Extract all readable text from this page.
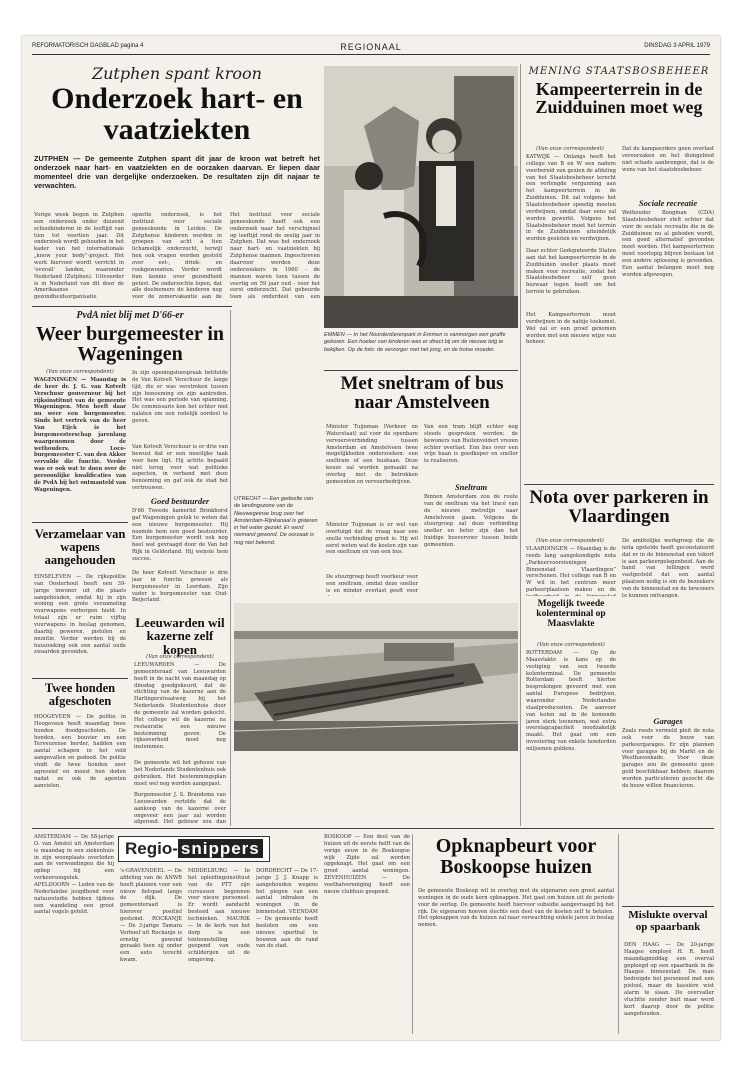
REFORMATORISCH DAGBLAD pagina 4	REGIONAAL	DINSDAG 3 APRIL 1979
Zutphen spant kroon
Onderzoek hart- en vaatziekten
ZUTPHEN — De gemeente Zutphen spant dit jaar de kroon wat betreft het onderzoek naar hart- en vaatziekten en de oorzaken daarvan. Er liepen daar momenteel drie van dergelijke onderzoeken. De resultaten zijn dit najaar te verwachten.
Vorige week begon in Zutphen een onderzoek onder duizend schoolkinderen in de leeftijd van tien tot veertien jaar. Dit onderzoek wordt gehouden in het kader van het internationale „know your body”-project. Het werk hiervoor wordt verricht in 'overall' landen, waaronder Nederland (Zutphen). Uitvoerder is in Nederland van dit door de Amerikaanse gezondheidsorganisatie
opzette onderzoek, is het instituut voor sociale geneeskunde in Leiden. De Zutphense kinderen worden in groepen van acht à tien lichamelijk onderzocht, terwijl hen ook vragen worden gesteld over eet-, drink- en rookgewoonten. Verder wordt hun kennis over gezondheid getest. De onderzochte lopen, dat alle deelnemers de kinderen nog voor de zomervakantie aan de
Het instituut voor sociale geneeskunde heeft ook een onderzoek naar het verschijnsel op leeftijd rond de zestig jaar in Zutphen. Dat was het onderzoek naar hart- en vaatziekten bij Zutphense mannen. Ingeschreven daarvoor werden deze onderzoekers in 1960 - de mannen waren toen tussen de veertig en 59 jaar oud - voor het eerst onderzocht. Dat gebeurde toen als onderdeel van een
PvdA niet blij met D'66-er
Weer burgemeester in Wageningen
(Van onze correspondent)
WAGENINGEN — Maandag is de heer dr. J. G. van Kotvelt Verschuur gouverneur bij het rijksinstituut van de gemeente Wageningen. Men heeft daar nu weer een burgemeester. Sinds het vertrek van de heer Van Eijck is het burgemeesterschap jarenlang waargenomen door de wethouders. Loco-burgemeester C. van den Akker vervulde die functie. Verder was er ook wat te doen over de persoonlijke kwalificaties van de PvdA bij het ontmanteld van Wageningen.
In zijn openingstoespraak betitelde de Van Kotvelt Verschuur de lange tijd, die er was verstreken tussen zijn benoeming en zijn aantreden. Het was een periode van spanning. De commissaris kon het echter niet nalaten om een redelijk oordeel te geven.
Van Kotvelt Verschuur is er drie van bewust dat er een moeilijke taak voor hem ligt. Hij achtte bepaald niet terug voor wat politieke aspecten, in verband met deze benoeming en gaf ook de stad het vertrouwen.
Goed bestuurder
D'66 Tweede kamerlid Brinkhorst gaf Wageningen geluk te weten dat een nieuwe burgemeester. Hij noemde hem een goed bestuurder. Een burgemeester wordt ook nog heel wat gevraagd door de Van het Rijk in Gelderland. Hij wenste hem succes.
De heer Kotvelt Verschuur is drie jaar in functie geweest als burgemeester in Leerdam. Zijn vader is burgemeester van Oud-Beijerland.
Verzamelaar van wapens aangehouden
EINSELEVEN — De rijkspolitie van Oosterhout heeft een 39-jarige inwoner uit die plaats aangehouden, omdat hij in zijn woning een grote verzameling vuurwapens verborgen hield. In totaal zijn er ruim vijftig vuurwapens in beslag genomen, daarbij geweren, pistolen en munitie. Verder werden bij de huiszoeking ook een aantal oude zwaarden gevonden.
Twee honden afgeschoten
HOOGEVEEN — De politie in Hoogeveen heeft maandag twee honden doodgeschoten. De honden, een bouvier en een Terveurense herder, hadden een aantal schapen in het veld aangevallen en gedood. De politie vindt de twee honden zeer agressief en moest hen doden nadat ze ook de agenten aanvielen.
Leeuwarden wil kazerne zelf kopen
(Van onze correspondent)
LEEUWARDEN — De gemeenteraad van Leeuwarden heeft in de nacht van maandag op dinsdag goedgekeurd, dat de stichting van de kazerne aan de Harlingerstraatweg bij het Nederlands Studentenhuis door de gemeente zal worden gekocht. Het college wil de kazerne na restauratie een nieuwe bestemming geven. De rijksoverheid moet nog instemmen.
De gemeente wil het gebouw van het Nederlands Studentenhuis ook gebruiken. Het bestemmingsplan moet wel nog worden aangepast.
Burgemeester J. S. Brandsma van Leeuwarden vertelde dat de aankoop van de kazerne over ongeveer een jaar zal worden afgerond. Het gebouw zou dan
EMMEN — In het Noorderdierenpark in Emmen is vanmorgen een giraffe geboren. Een hoeker van kinderen was er direct bij om de nieuwe telg te bekijken. Op de foto: de verzorger met het jong, en de trotse moeder.
Met sneltram of bus naar Amstelveen
Minister Tuijnman (Verkeer en Waterstaat) zal voor de openbare vervoersverbinding tussen Amsterdam en Amstelveen twee mogelijkheden onderzoeken: een sneltram of een busbaan. Deze keuze zal worden gemaakt na overleg met de betrokken gemeenten en vervoerbedrijven.
Minister Tuijnman is er wel van overtuigd dat de vraag naar een snelle verbinding groot is. Hij wil eerst weten wat de kosten zijn van een sneltram en van een bus.
De stuurgroep heeft voorkeur voor een sneltram, omdat deze sneller is en minder overlast geeft voor
Van een tram blijft echter nog steeds gesproken worden; de bewoners van Buitenveldert vrezen echter overlast. Een bus over een vrije baan is goedkoper en sneller te realiseren.
Sneltram
Binnen Amsterdam zou de route van de sneltram via het tracé van de nieuwe metrolijn naar Amstelveen gaan. Volgens de stuurgroep zal deze verbinding sneller en beter zijn dan het huidige busvervoer tussen beide gemeenten.
UTRECHT — Een gedeelte van de landingszone van de Nieuwegeinse brug over het Amsterdam-Rijnkanaal is gisteren in het water gezakt. Er werd niemand gewond. De oorzaak is nog niet bekend.
MENING STAATSBOSBEHEER
Kampeerterrein in de Zuidduinen moet weg
(Van onze correspondent)
KATWIJK — Onlangs heeft het college van B en W een nadere voorbereid van gezien de afdeling van het Staatsbosbeheer terecht een verlengde vergunning aan het kampeerterrein in de Zuidduinen. Dit zal volgens het Staatsbosbeheer spoedig moeten verdwijnen, omdat daar eens zal worden gewerkt. Volgens het Staatsbosbeheer moet het terrein in de Zuidduinen uiteindelijk worden gesloten en verdwijnen.
Daar echter Gedeputeerde Staten aan dat het kampeerterrein in de Zuidduinen sneller plaats moet maken voor recreatie, zodat het Staatsbosbeheer zelf geen bezwaar tegen heeft om het terrein te gebruiken.
Het Kampeerterrein moet verdwijnen in de nabije toekomst. Wel zal er een proef genomen worden met een nieuwe wijze van beheer.
Dat de kampeerders geen overlast veroorzaken en het duingebied niet schade aanbrengen, dat is de wens van het staatsbosbeheer.
Sociale recreatie
Wethouder Boogman (CDA) Staatsbosbeheer stelt echter dat voor de sociale recreatie die in de Zuidduinen nu al geboden wordt, een goed alternatief gevonden moet worden. Het kampeerterrein moet voorlopig blijven bestaan tot een andere oplossing is gevonden. Een aantal belangen moet nog worden afgewogen.
Nota over parkeren in Vlaardingen
(Van onze correspondent)
VLAARDINGEN — Maandag is de reeds lang aangekondigde nota „Parkeervoorzieningen Binnenstad Vlaardingen” verschenen. Het college van B en W wil in het centrum meer parkeerplaatsen maken en de
De ambtelijke werkgroep die de nota opstelde heeft geconstateerd dat er in de binnenstad een tekort is aan parkeergelegenheid. Aan de hand van tellingen werd vastgesteld dat een aantal plaatsen nodig is om de bezoekers van de binnenstad en de bewoners te kunnen ontvangen.
Garages
Zoals reeds vermeld pleit de nota ook voor de bouw van parkeergarages. Er zijn plannen voor garages bij de Markt en de Westhavenkade. Voor deze garages zou de gemeente geen geld beschikbaar hebben; daarom worden particulieren gezocht die de bouw willen financieren.
Mogelijk tweede kolenterminal op Maasvlakte
(Van onze correspondent)
ROTTERDAM — Op de Maasvlakte is kans op de vestiging van een tweede kolenterminal. De gemeente Rotterdam heeft hiertoe besprekingen gevoerd met een aantal Europese bedrijven, waaronder Nederlandse staalproducenten. De aanvoer van kolen zal in de komende jaren sterk toenemen, wat extra overslagcapaciteit noodzakelijk maakt. Het gaat om een investering van enkele honderden miljoenen guldens.
Regio- snippers
AMSTERDAM — De 58-jarige O. van Amstel uit Amsterdam is maandag in een ziekenhuis in zijn woonplaats overleden aan de verwondingen die hij opliep bij een verkeersongeluk. APELDOORN — Leden van de Nederlandse jeugdbond voor natuurstudie hebben tijdens een wandeling een groot aantal vogels geteld.
's-GRAVENDEEL — De afdeling van de ANWB heeft plannen voor een nieuw fietspad langs de dijk. De gemeenteraad is hierover positief gestemd. ROCKANJE — De 3-jarige Tamara Verhoef uit Rockanje is ernstig gewond geraakt toen zij onder een auto terecht kwam.
MIDDELBURG — In het opleidingsinstituut van de PTT zijn cursussen begonnen voor nieuw personeel. Er wordt aandacht besteed aan nieuwe technieken. MAURIK — In de kerk van het dorp is een tentoonstelling geopend van oude schilderijen uit de omgeving.
DORDRECHT — De 17-jarige J. J. Knapp is aangehouden wegens het plegen van een aantal inbraken in woningen in de binnenstad. VEENDAM — De gemeente heeft besloten om een nieuwe sporthal te bouwen aan de rand van de stad.
BOSKOOP — Een deel van de huizen uit de eerste helft van de vorige eeuw in de Boskoopse wijk Zijde zal worden opgeknapt. Het gaat om een groot aantal woningen. ZEVENHUIZEN — De voetbalvereniging heeft een nieuw clubhuis geopend.
Opknapbeurt voor Boskoopse huizen
De gemeente Boskoop wil in overleg met de eigenaren een groot aantal woningen in de oude kern opknappen. Het gaat om huizen uit de periode voor de oorlog. De gemeente heeft hiervoor subsidie aangevraagd bij het rijk. De eigenaren hoeven slechts een deel van de kosten zelf te betalen. Het opknappen van de huizen zal naar verwachting enkele jaren in beslag nemen.
Mislukte overval op spaarbank
DEN HAAG — De 20-jarige Haagse employé H. R. heeft maandagmiddag een overval gepleegd op een spaarbank in de Haagse binnenstad. De man bedreigde het personeel met een pistool, maar de kassière wist alarm te slaan. De overvaller vluchtte zonder buit maar werd kort daarop door de politie aangehouden.
